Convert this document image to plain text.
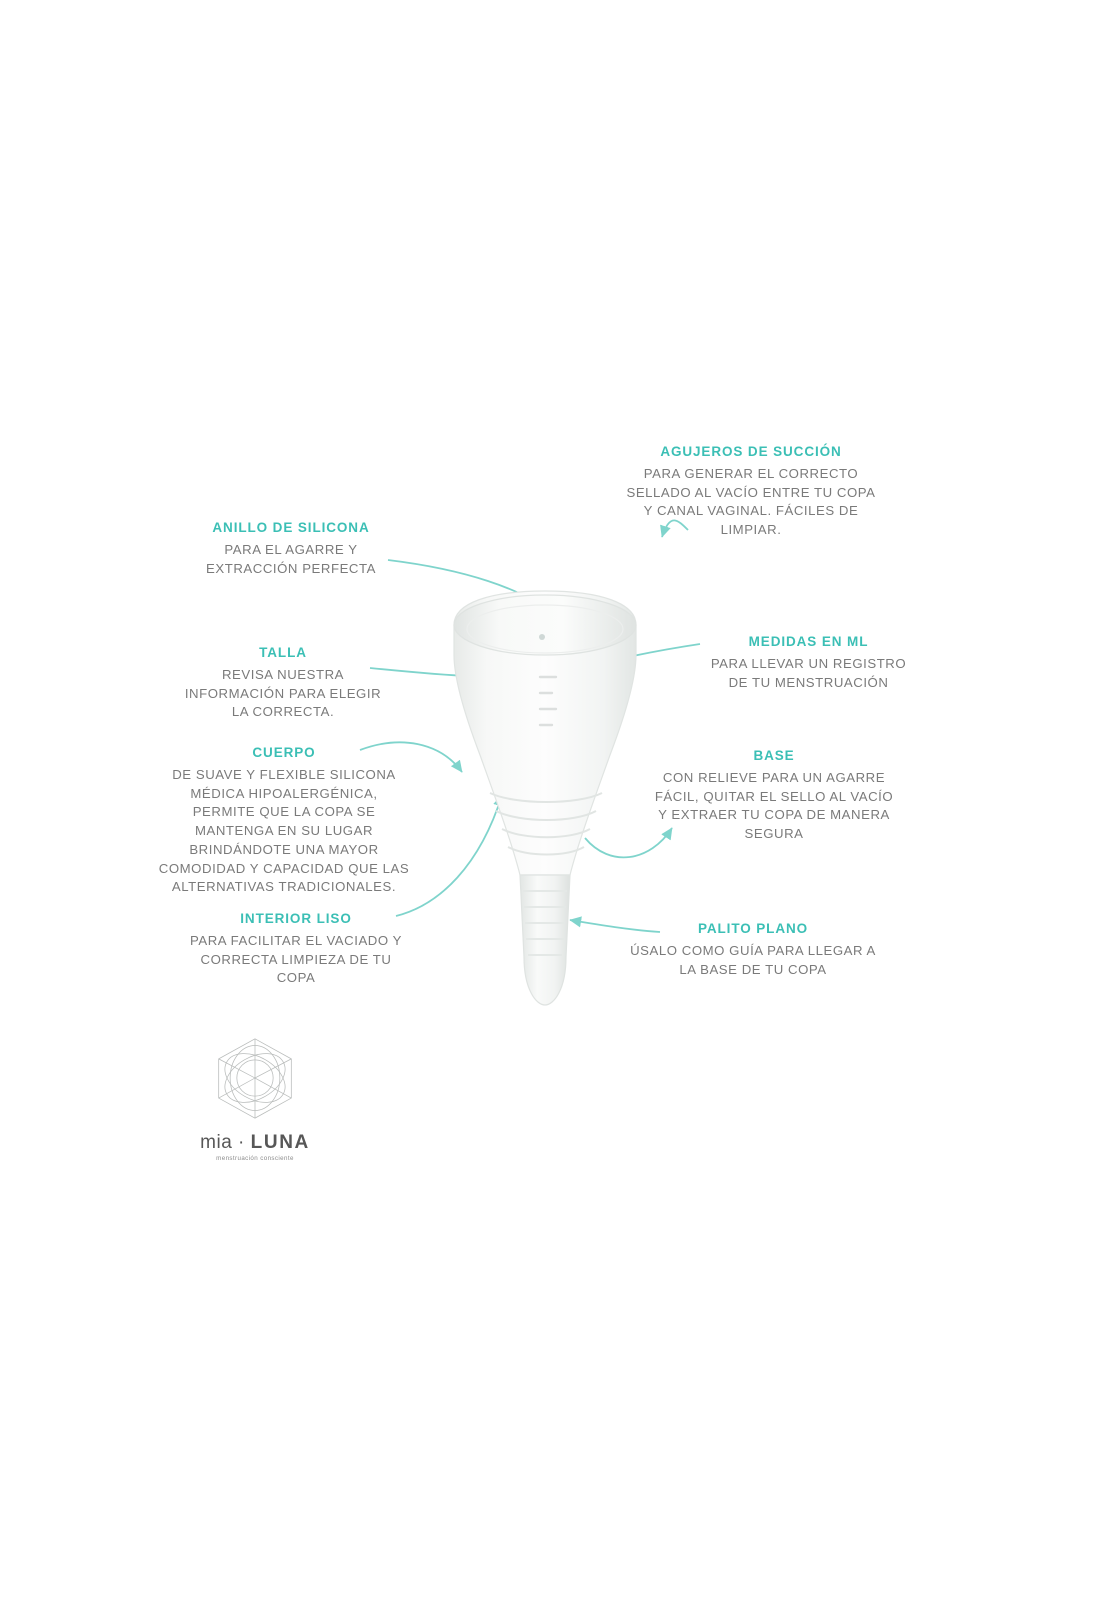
AGUJEROS DE SUCCIÓN
PARA GENERAR EL CORRECTO SELLADO AL VACÍO ENTRE TU COPA Y CANAL VAGINAL. FÁCILES DE LIMPIAR.
ANILLO DE SILICONA
PARA EL AGARRE Y EXTRACCIÓN PERFECTA
TALLA
REVISA NUESTRA INFORMACIÓN PARA ELEGIR LA CORRECTA.
MEDIDAS EN ML
PARA LLEVAR UN REGISTRO DE TU MENSTRUACIÓN
CUERPO
DE SUAVE Y FLEXIBLE SILICONA MÉDICA HIPOALERGÉNICA, PERMITE QUE LA COPA SE MANTENGA EN SU LUGAR BRINDÁNDOTE UNA MAYOR COMODIDAD Y CAPACIDAD QUE LAS ALTERNATIVAS TRADICIONALES.
BASE
CON RELIEVE PARA UN AGARRE FÁCIL, QUITAR EL SELLO AL VACÍO Y EXTRAER TU COPA DE MANERA SEGURA
INTERIOR LISO
PARA FACILITAR EL VACIADO Y CORRECTA LIMPIEZA DE TU COPA
PALITO PLANO
ÚSALO COMO GUÍA PARA LLEGAR A LA BASE DE TU COPA
mia · LUNA
menstruación consciente
